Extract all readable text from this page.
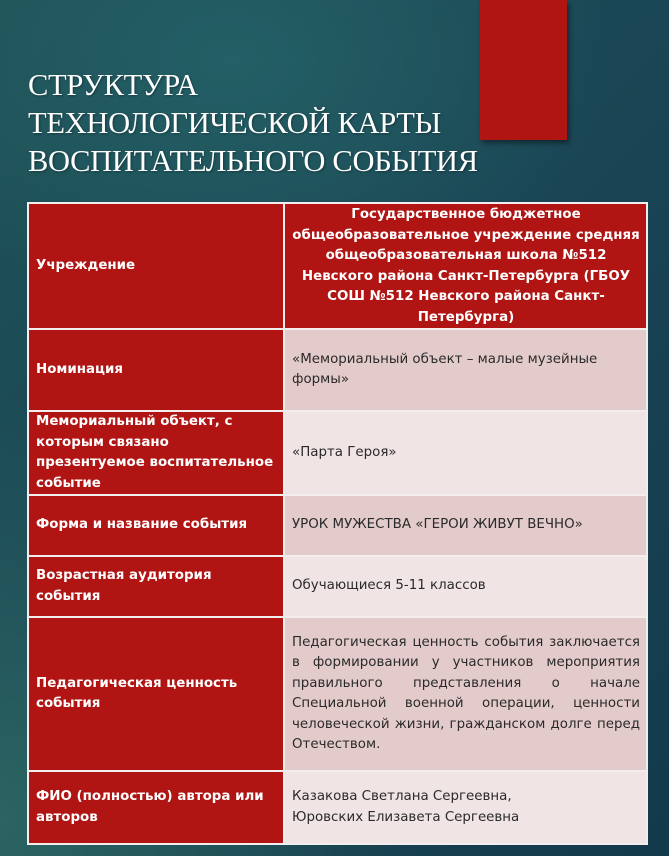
СТРУКТУРА
ТЕХНОЛОГИЧЕСКОЙ КАРТЫ
ВОСПИТАТЕЛЬНОГО СОБЫТИЯ
Учреждение	Государственное бюджетное общеобразовательное учреждение средняя общеобразовательная школа №512 Невского района Санкт-Петербурга (ГБОУ СОШ №512 Невского района Санкт-Петербурга)
Номинация	«Мемориальный объект – малые музейные формы»
Мемориальный объект, с которым связано презентуемое воспитательное событие	«Парта Героя»
Форма и название события	УРОК МУЖЕСТВА «ГЕРОИ ЖИВУТ ВЕЧНО»
Возрастная аудитория события	Обучающиеся 5-11 классов
Педагогическая ценность события	Педагогическая ценность события заключается в формировании у участников мероприятия правильного представления о начале Специальной военной операции, ценности человеческой жизни, гражданском долге перед Отечеством.
ФИО (полностью) автора или авторов	Казакова Светлана Сергеевна,
Юровских Елизавета Сергеевна
